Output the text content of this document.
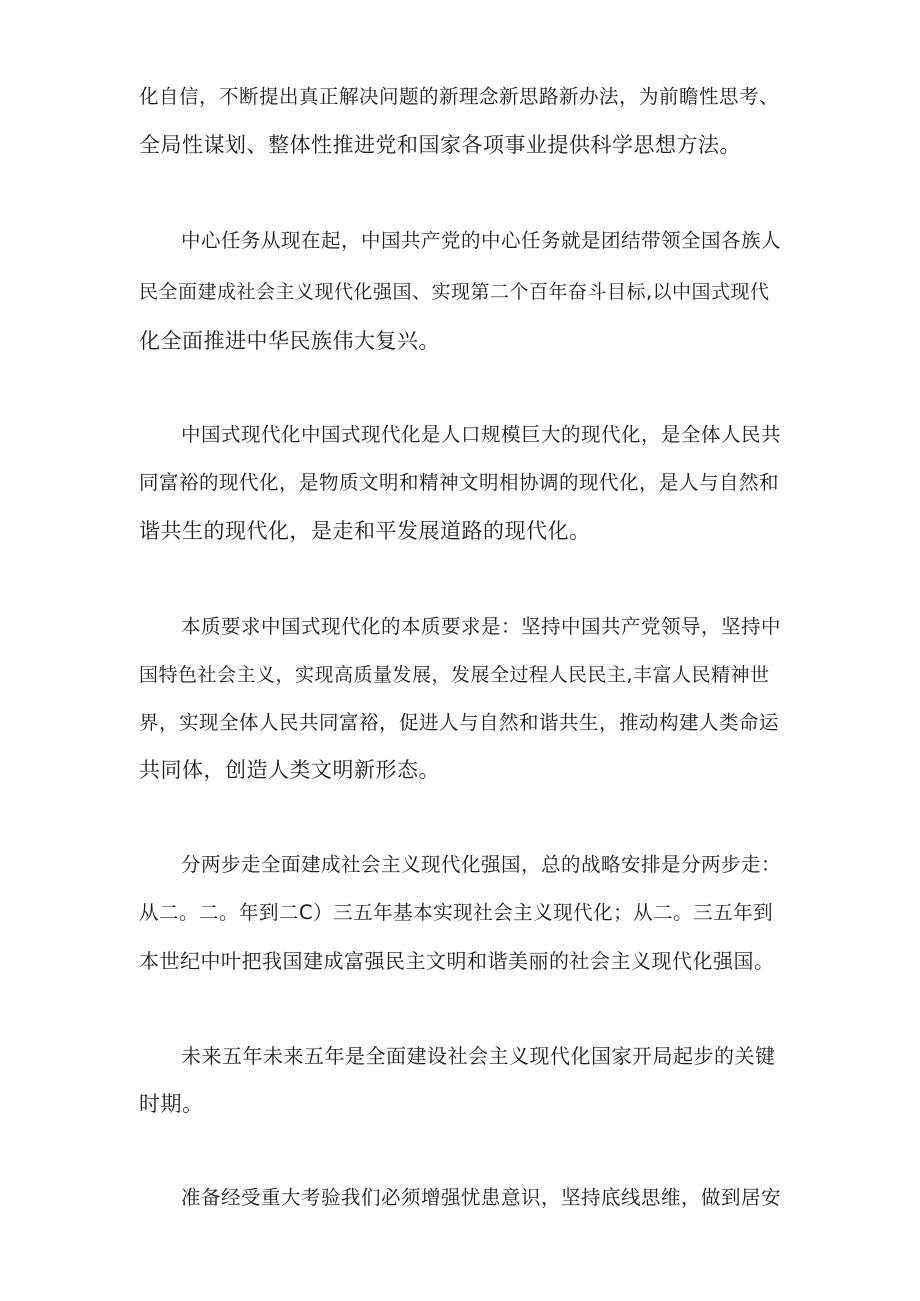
化自信，不断提出真正解决问题的新理念新思路新办法，为前瞻性思考、
全局性谋划、整体性推进党和国家各项事业提供科学思想方法。
中心任务从现在起，中国共产党的中心任务就是团结带领全国各族人
民全面建成社会主义现代化强国、实现第二个百年奋斗目标,以中国式现代
化全面推进中华民族伟大复兴。
中国式现代化中国式现代化是人口规模巨大的现代化，是全体人民共
同富裕的现代化，是物质文明和精神文明相协调的现代化，是人与自然和
谐共生的现代化，是走和平发展道路的现代化。
本质要求中国式现代化的本质要求是：坚持中国共产党领导，坚持中
国特色社会主义，实现高质量发展，发展全过程人民民主,丰富人民精神世
界，实现全体人民共同富裕，促进人与自然和谐共生，推动构建人类命运
共同体，创造人类文明新形态。
分两步走全面建成社会主义现代化强国，总的战略安排是分两步走：
从二。二。年到二C）三五年基本实现社会主义现代化；从二。三五年到
本世纪中叶把我国建成富强民主文明和谐美丽的社会主义现代化强国。
未来五年未来五年是全面建设社会主义现代化国家开局起步的关键
时期。
准备经受重大考验我们必须增强忧患意识，坚持底线思维，做到居安
